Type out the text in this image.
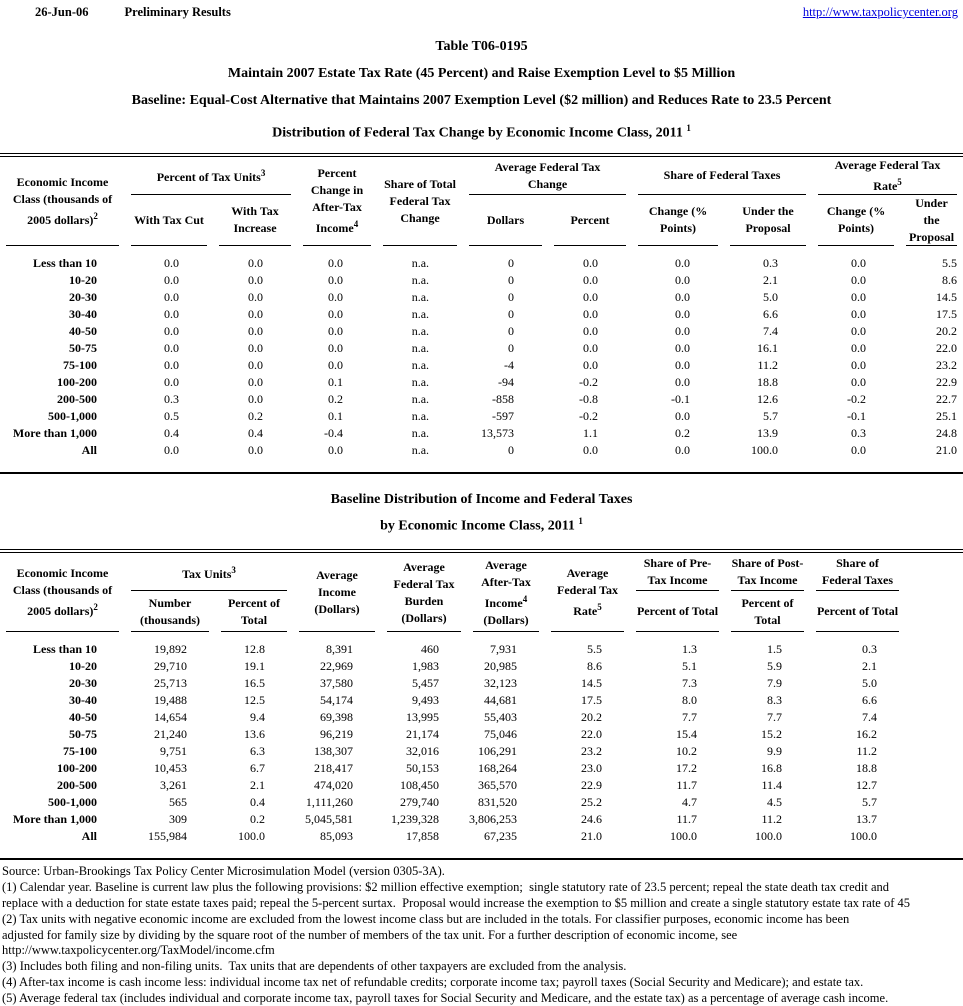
26-Jun-06	Preliminary Results	http://www.taxpolicycenter.org

Table T06-0195

Maintain 2007 Estate Tax Rate (45 Percent) and Raise Exemption Level to $5 Million

Baseline: Equal-Cost Alternative that Maintains 2007 Exemption Level ($2 million) and Reduces Rate to 23.5 Percent

Distribution of Federal Tax Change by Economic Income Class, 2011 $^1$

Economic Income Class (thousands of 2005 dollars)$^2$	Percent of Tax Units$^3$		Percent Change in After-Tax Income$^4$	Share of Total Federal Tax Change	Average Federal Tax
Change		Share of Federal Taxes		Average Federal Tax
Rate$^5$
	With Tax Cut	With Tax Increase			Dollars	Percent	Change (% Points)	Under the Proposal	Change (% Points)	Under the Proposal
Less than 10	0.0	0.0	0.0	n.a.	0	0.0	0.0	0.3	0.0	5.5
10-20	0.0	0.0	0.0	n.a.	0	0.0	0.0	2.1	0.0	8.6
20-30	0.0	0.0	0.0	n.a.	0	0.0	0.0	5.0	0.0	14.5
30-40	0.0	0.0	0.0	n.a.	0	0.0	0.0	6.6	0.0	17.5
40-50	0.0	0.0	0.0	n.a.	0	0.0	0.0	7.4	0.0	20.2
50-75	0.0	0.0	0.0	n.a.	0	0.0	0.0	16.1	0.0	22.0
75-100	0.0	0.0	0.0	n.a.	-4	0.0	0.0	11.2	0.0	23.2
100-200	0.0	0.0	0.1	n.a.	-94	-0.2	0.0	18.8	0.0	22.9
200-500	0.3	0.0	0.2	n.a.	-858	-0.8	-0.1	12.6	-0.2	22.7
500-1,000	0.5	0.2	0.1	n.a.	-597	-0.2	0.0	5.7	-0.1	25.1
More than 1,000	0.4	0.4	-0.4	n.a.	13,573	1.1	0.2	13.9	0.3	24.8
All	0.0	0.0	0.0	n.a.	0	0.0	0.0	100.0	0.0	21.0

Baseline Distribution of Income and Federal Taxes

by Economic Income Class, 2011 $^1$

Economic Income Class (thousands of 2005 dollars)$^2$	Tax Units$^3$		Average Income (Dollars)	Average Federal Tax Burden (Dollars)	Average After-Tax Income$^4$ (Dollars)	Average Federal Tax Rate$^5$	Share of Pre-Tax Income	Share of Post-Tax Income	Share of Federal Taxes	
	Number (thousands)	Percent of Total					Percent of Total	Percent of Total	Percent of Total	
Less than 10	19,892	12.8	8,391	460	7,931	5.5	1.3	1.5	0.3	
10-20	29,710	19.1	22,969	1,983	20,985	8.6	5.1	5.9	2.1	
20-30	25,713	16.5	37,580	5,457	32,123	14.5	7.3	7.9	5.0	
30-40	19,488	12.5	54,174	9,493	44,681	17.5	8.0	8.3	6.6	
40-50	14,654	9.4	69,398	13,995	55,403	20.2	7.7	7.7	7.4	
50-75	21,240	13.6	96,219	21,174	75,046	22.0	15.4	15.2	16.2	
75-100	9,751	6.3	138,307	32,016	106,291	23.2	10.2	9.9	11.2	
100-200	10,453	6.7	218,417	50,153	168,264	23.0	17.2	16.8	18.8	
200-500	3,261	2.1	474,020	108,450	365,570	22.9	11.7	11.4	12.7	
500-1,000	565	0.4	1,111,260	279,740	831,520	25.2	4.7	4.5	5.7	
More than 1,000	309	0.2	5,045,581	1,239,328	3,806,253	24.6	11.7	11.2	13.7	
All	155,984	100.0	85,093	17,858	67,235	21.0	100.0	100.0	100.0	

Source: Urban-Brookings Tax Policy Center Microsimulation Model (version 0305-3A).

(1) Calendar year. Baseline is current law plus the following provisions: $2 million effective exemption;  single statutory rate of 23.5 percent; repeal the state death tax credit and

replace with a deduction for state estate taxes paid; repeal the 5-percent surtax.  Proposal would increase the exemption to $5 million and create a single statutory estate tax rate of 45

(2) Tax units with negative economic income are excluded from the lowest income class but are included in the totals. For classifier purposes, economic income has been

adjusted for family size by dividing by the square root of the number of members of the tax unit. For a further description of economic income, see

http://www.taxpolicycenter.org/TaxModel/income.cfm

(3) Includes both filing and non-filing units.  Tax units that are dependents of other taxpayers are excluded from the analysis.

(4) After-tax income is cash income less: individual income tax net of refundable credits; corporate income tax; payroll taxes (Social Security and Medicare); and estate tax.

(5) Average federal tax (includes individual and corporate income tax, payroll taxes for Social Security and Medicare, and the estate tax) as a percentage of average cash income.
